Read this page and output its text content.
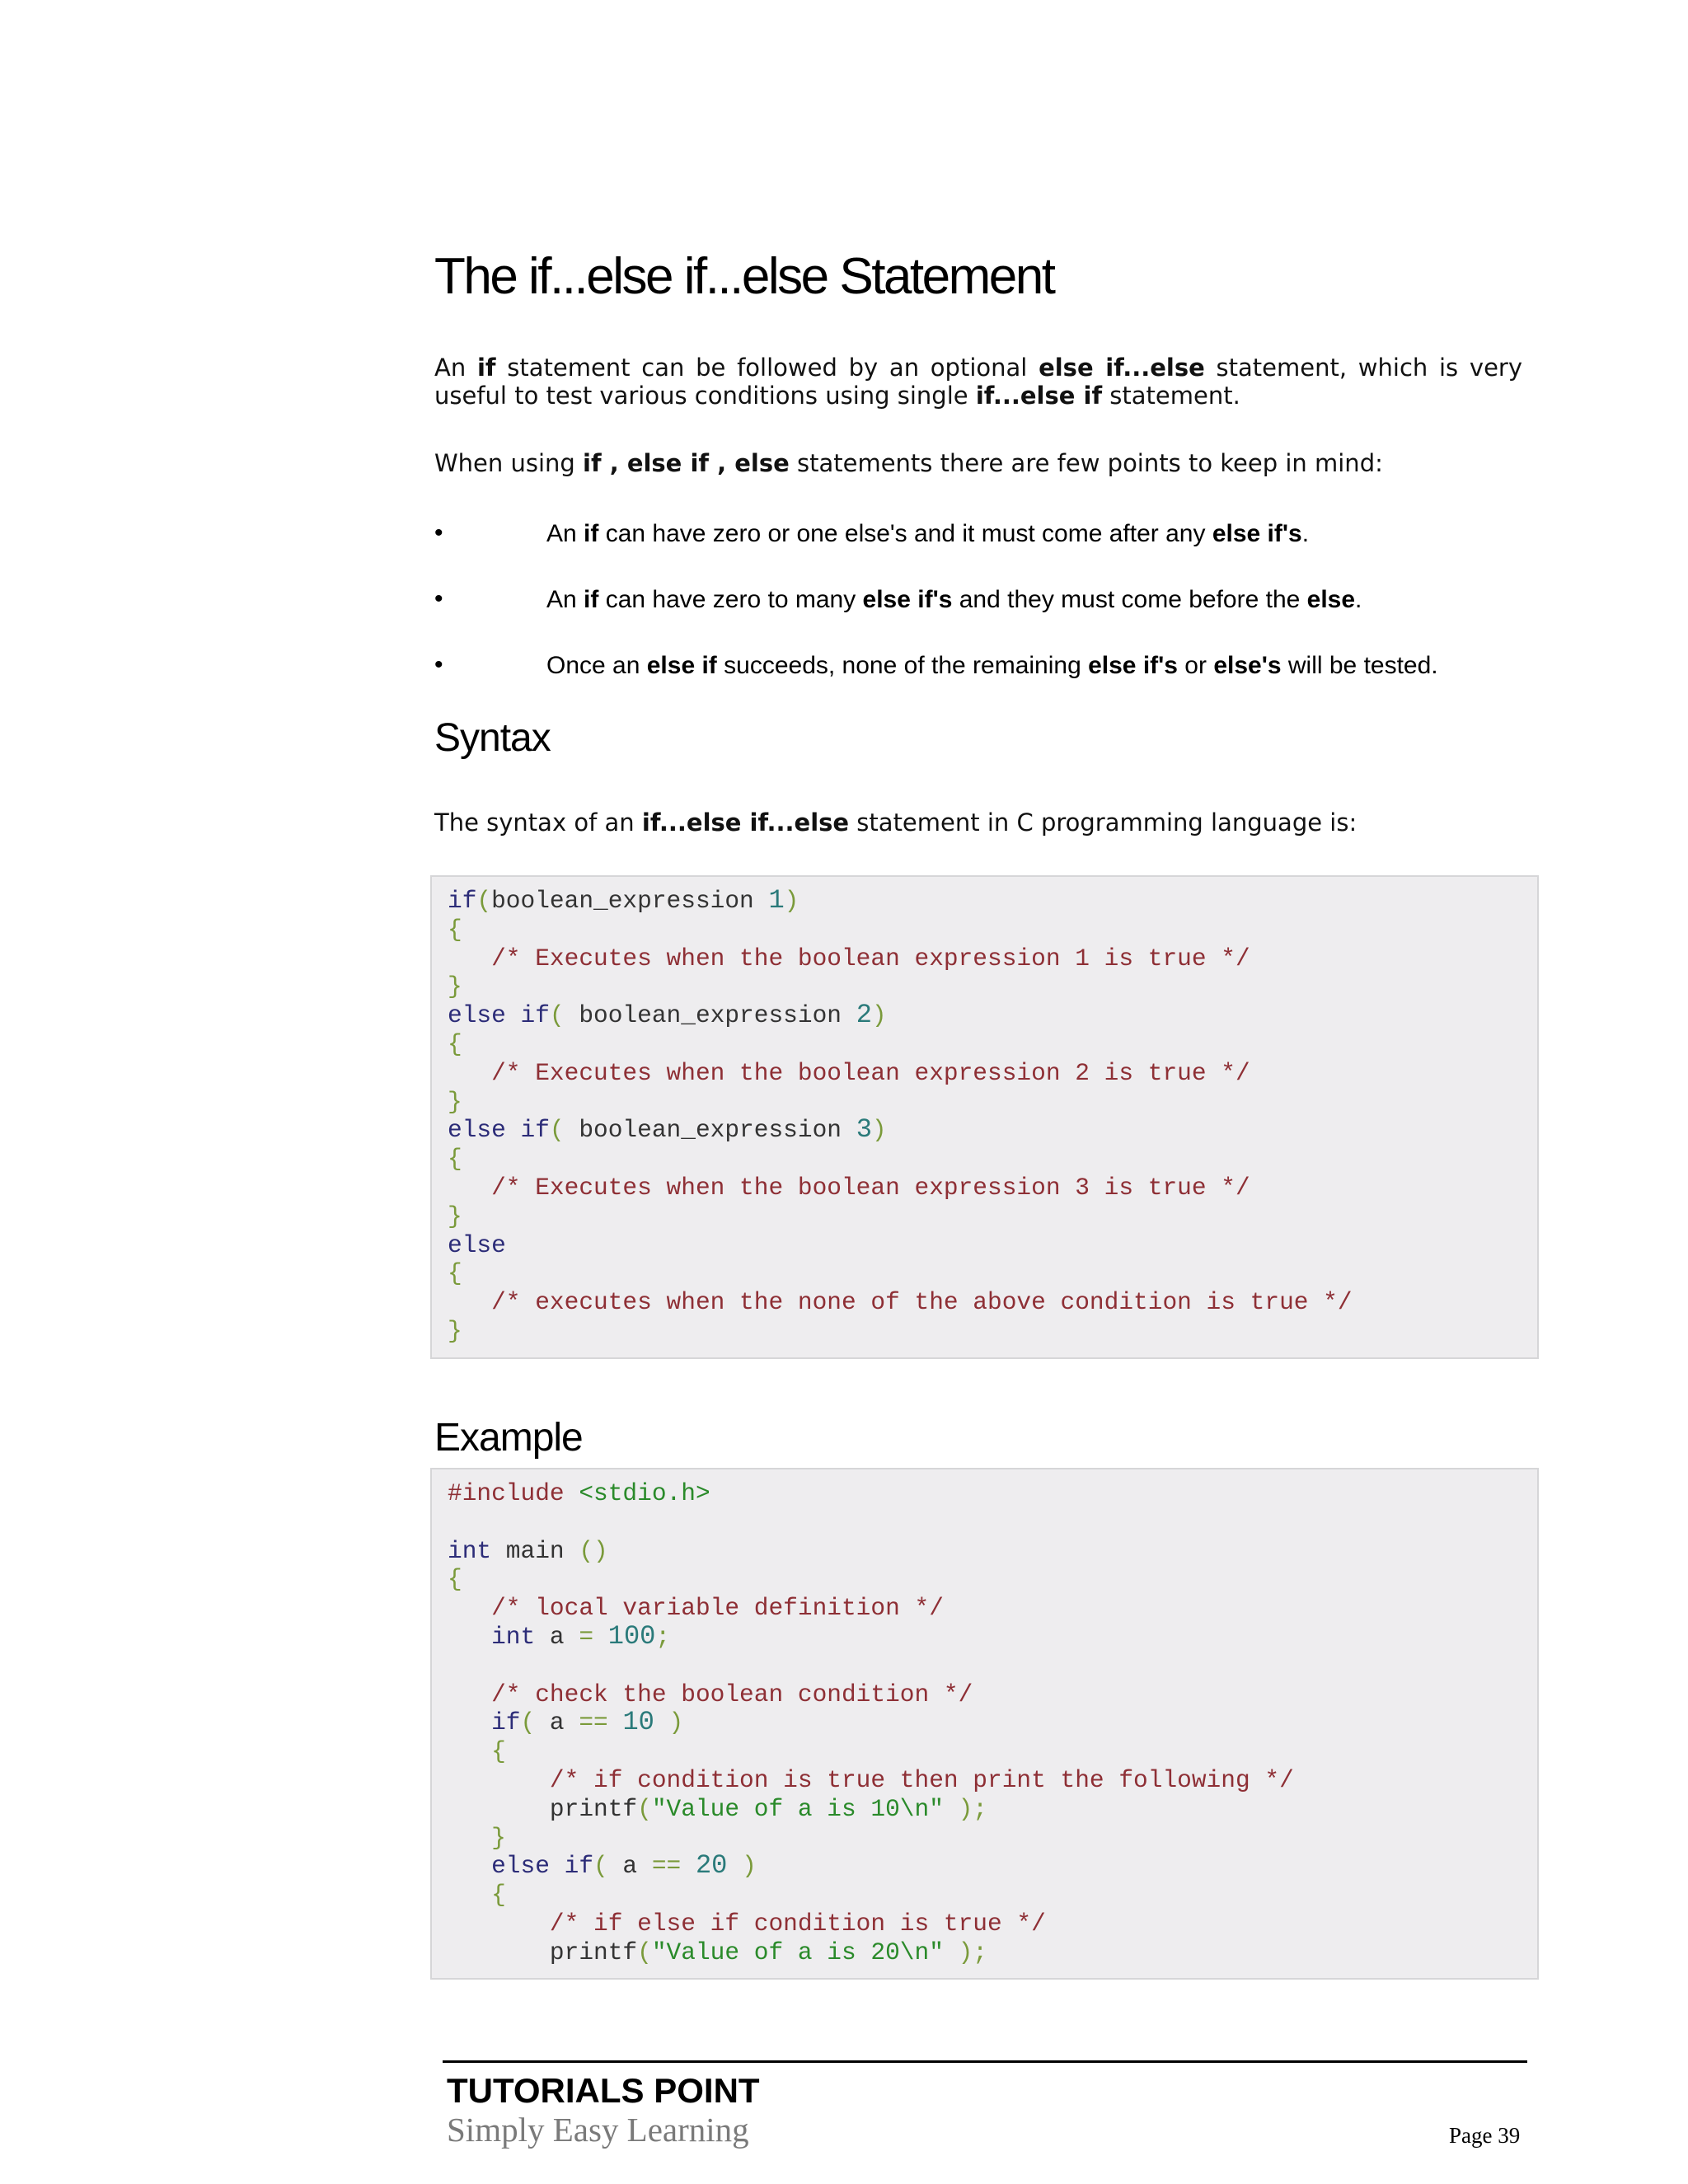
The if...else if...else Statement

An if statement can be followed by an optional else if...else statement, which is very useful to test various conditions using single if...else if statement.

When using if , else if , else statements there are few points to keep in mind:

•	An if can have zero or one else's and it must come after any else if's.
•	An if can have zero to many else if's and they must come before the else.
•	Once an else if succeeds, none of the remaining else if's or else's will be tested.
Syntax

The syntax of an if...else if...else statement in C programming language is:

if(boolean_expression 1)
{
/* Executes when the boolean expression 1 is true */
}
else if( boolean_expression 2)
{
/* Executes when the boolean expression 2 is true */
}
else if( boolean_expression 3)
{
/* Executes when the boolean expression 3 is true */
}
else
{
/* executes when the none of the above condition is true */
}
Example
#include <stdio.h>

int main ()
{
/* local variable definition */
int a = 100;

/* check the boolean condition */
if( a == 10 )
{
/* if condition is true then print the following */
printf("Value of a is 10\n" );
}
else if( a == 20 )
{
/* if else if condition is true */
printf("Value of a is 20\n" );

TUTORIALS POINT

Simply Easy Learning	Page 39
